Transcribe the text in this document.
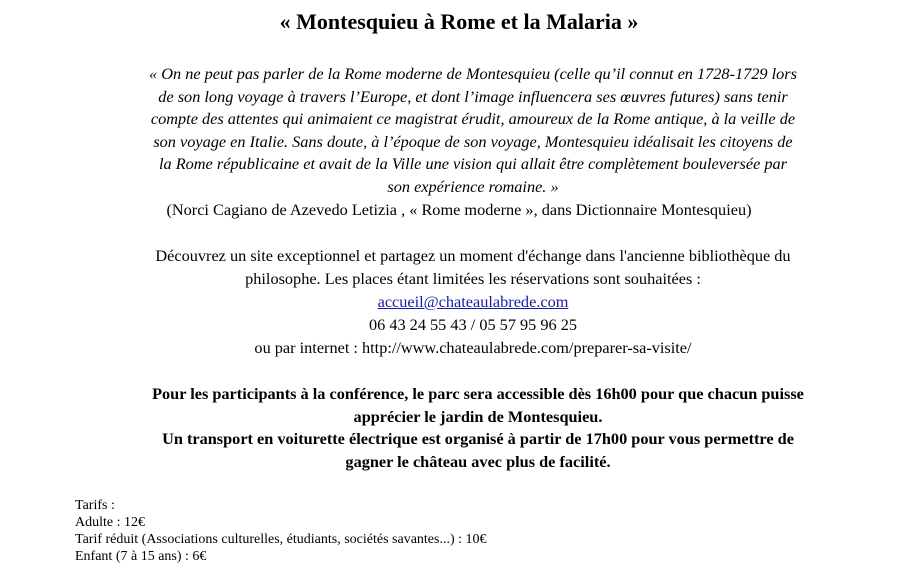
« Montesquieu à Rome et la Malaria »

« On ne peut pas parler de la Rome moderne de Montesquieu (celle qu’il connut en 1728-1729 lors
de son long voyage à travers l’Europe, et dont l’image influencera ses œuvres futures) sans tenir
compte des attentes qui animaient ce magistrat érudit, amoureux de la Rome antique, à la veille de
son voyage en Italie. Sans doute, à l’époque de son voyage, Montesquieu idéalisait les citoyens de
la Rome républicaine et avait de la Ville une vision qui allait être complètement bouleversée par
son expérience romaine. »

(Norci Cagiano de Azevedo Letizia , « Rome moderne », dans Dictionnaire Montesquieu)

Découvrez un site exceptionnel et partagez un moment d'échange dans l'ancienne bibliothèque du
philosophe. Les places étant limitées les réservations sont souhaitées :
accueil@chateaulabrede.com
06 43 24 55 43 / 05 57 95 96 25
ou par internet : http://www.chateaulabrede.com/preparer-sa-visite/

Pour les participants à la conférence, le parc sera accessible dès 16h00 pour que chacun puisse
apprécier le jardin de Montesquieu.
Un transport en voiturette électrique est organisé à partir de 17h00 pour vous permettre de
gagner le château avec plus de facilité.

Tarifs :
Adulte : 12€
Tarif réduit (Associations culturelles, étudiants, sociétés savantes...) : 10€
Enfant (7 à 15 ans) : 6€
